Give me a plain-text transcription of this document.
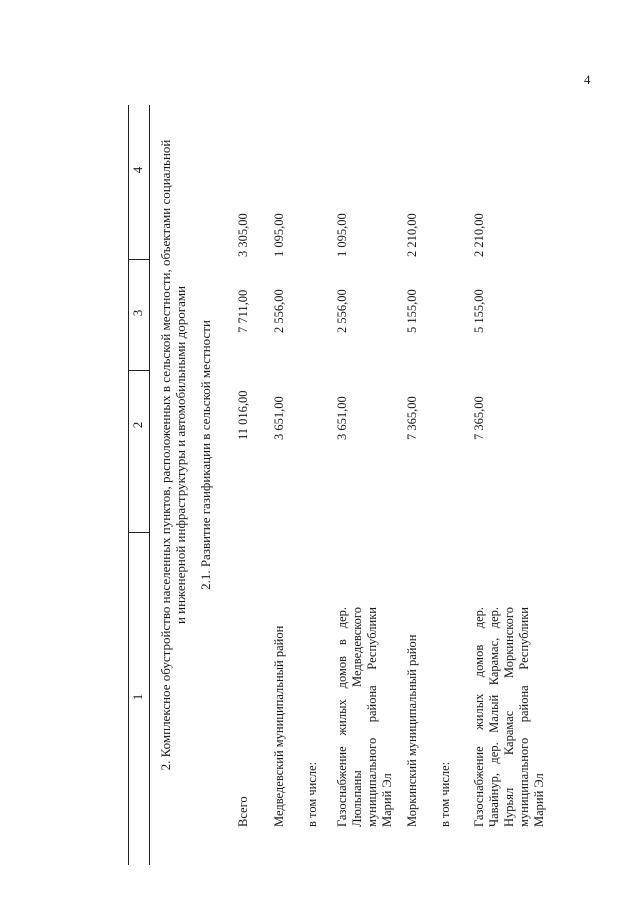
4
1
2
3
4 2. Комплексное обустройство населенных пунктов, расположенных в сельской местности, объектами социальной и инженерной инфраструктуры и автомобильными дорогами 2.1. Развитие газификации в сельской местности
Всего
11 016,00
7 711,00
3 305,00
Медведевский муниципальный район
3 651,00
2 556,00
1 095,00
в том числе: Газоснабжение жилых домов в дер. Люльпаны Медведевского муниципального района Республики Марий Эл
3 651,00
2 556,00
1 095,00
Моркинский муниципальный район
7 365,00
5 155,00
2 210,00
в том числе: Газоснабжение жилых домов дер. Чавайнур, дер. Малый Карамас, дер. Нурьял Карамас Моркинского муниципального района Республики Марий Эл
7 365,00
5 155,00
2 210,00
